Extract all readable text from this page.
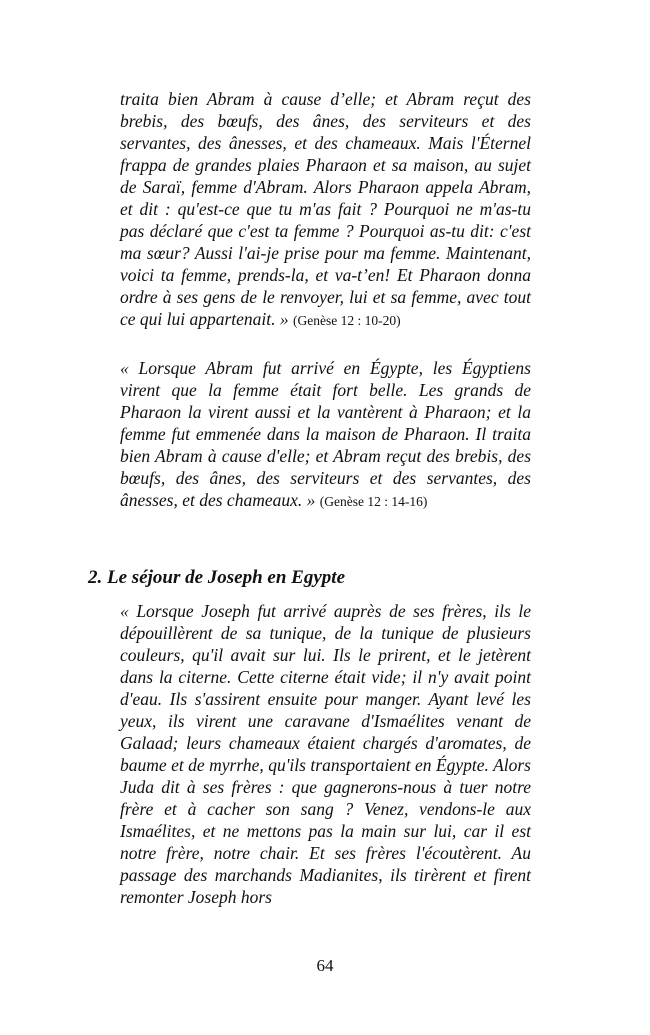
traita bien Abram à cause d’elle; et Abram reçut des brebis, des bœufs, des ânes, des serviteurs et des servantes, des ânesses, et des chameaux. Mais l'Éternel frappa de grandes plaies Pharaon et sa maison, au sujet de Saraï, femme d'Abram. Alors Pharaon appela Abram, et dit : qu'est-ce que tu m'as fait ? Pourquoi ne m'as-tu pas déclaré que c'est ta femme ? Pourquoi as-tu dit: c'est ma sœur? Aussi l'ai-je prise pour ma femme. Maintenant, voici ta femme, prends-la, et va-t’en! Et Pharaon donna ordre à ses gens de le renvoyer, lui et sa femme, avec tout ce qui lui appartenait. » (Genèse 12 : 10-20)

« Lorsque Abram fut arrivé en Égypte, les Égyptiens virent que la femme était fort belle. Les grands de Pharaon la virent aussi et la vantèrent à Pharaon; et la femme fut emmenée dans la maison de Pharaon. Il traita bien Abram à cause d'elle; et Abram reçut des brebis, des bœufs, des ânes, des serviteurs et des servantes, des ânesses, et des chameaux. » (Genèse 12 : 14-16)

2. Le séjour de Joseph en Egypte

« Lorsque Joseph fut arrivé auprès de ses frères, ils le dépouillèrent de sa tunique, de la tunique de plusieurs couleurs, qu'il avait sur lui. Ils le prirent, et le jetèrent dans la citerne. Cette citerne était vide; il n'y avait point d'eau. Ils s'assirent ensuite pour manger. Ayant levé les yeux, ils virent une caravane d'Ismaélites venant de Galaad; leurs chameaux étaient chargés d'aromates, de baume et de myrrhe, qu'ils transportaient en Égypte. Alors Juda dit à ses frères : que gagnerons-nous à tuer notre frère et à cacher son sang ? Venez, vendons-le aux Ismaélites, et ne mettons pas la main sur lui, car il est notre frère, notre chair. Et ses frères l'écoutèrent. Au passage des marchands Madianites, ils tirèrent et firent remonter Joseph hors

64
